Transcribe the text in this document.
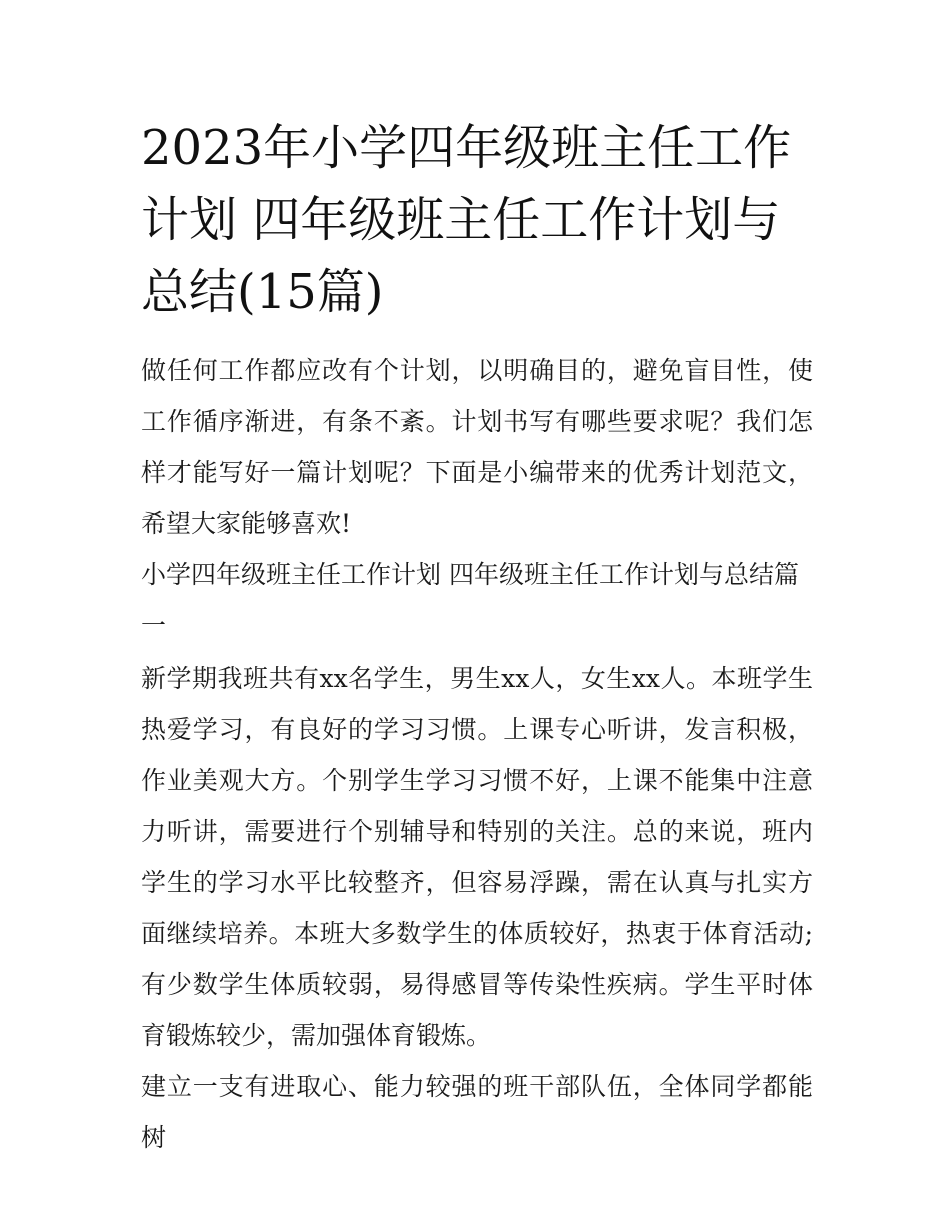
2023年小学四年级班主任工作计划 四年级班主任工作计划与总结(15篇)

做任何工作都应改有个计划，以明确目的，避免盲目性，使工作循序渐进，有条不紊。计划书写有哪些要求呢？我们怎样才能写好一篇计划呢？下面是小编带来的优秀计划范文，希望大家能够喜欢!

小学四年级班主任工作计划 四年级班主任工作计划与总结篇一

新学期我班共有xx名学生，男生xx人，女生xx人。本班学生热爱学习，有良好的学习习惯。上课专心听讲，发言积极，作业美观大方。个别学生学习习惯不好，上课不能集中注意力听讲，需要进行个别辅导和特别的关注。总的来说，班内学生的学习水平比较整齐，但容易浮躁，需在认真与扎实方面继续培养。本班大多数学生的体质较好，热衷于体育活动;有少数学生体质较弱，易得感冒等传染性疾病。学生平时体育锻炼较少，需加强体育锻炼。

建立一支有进取心、能力较强的班干部队伍，全体同学都能树
